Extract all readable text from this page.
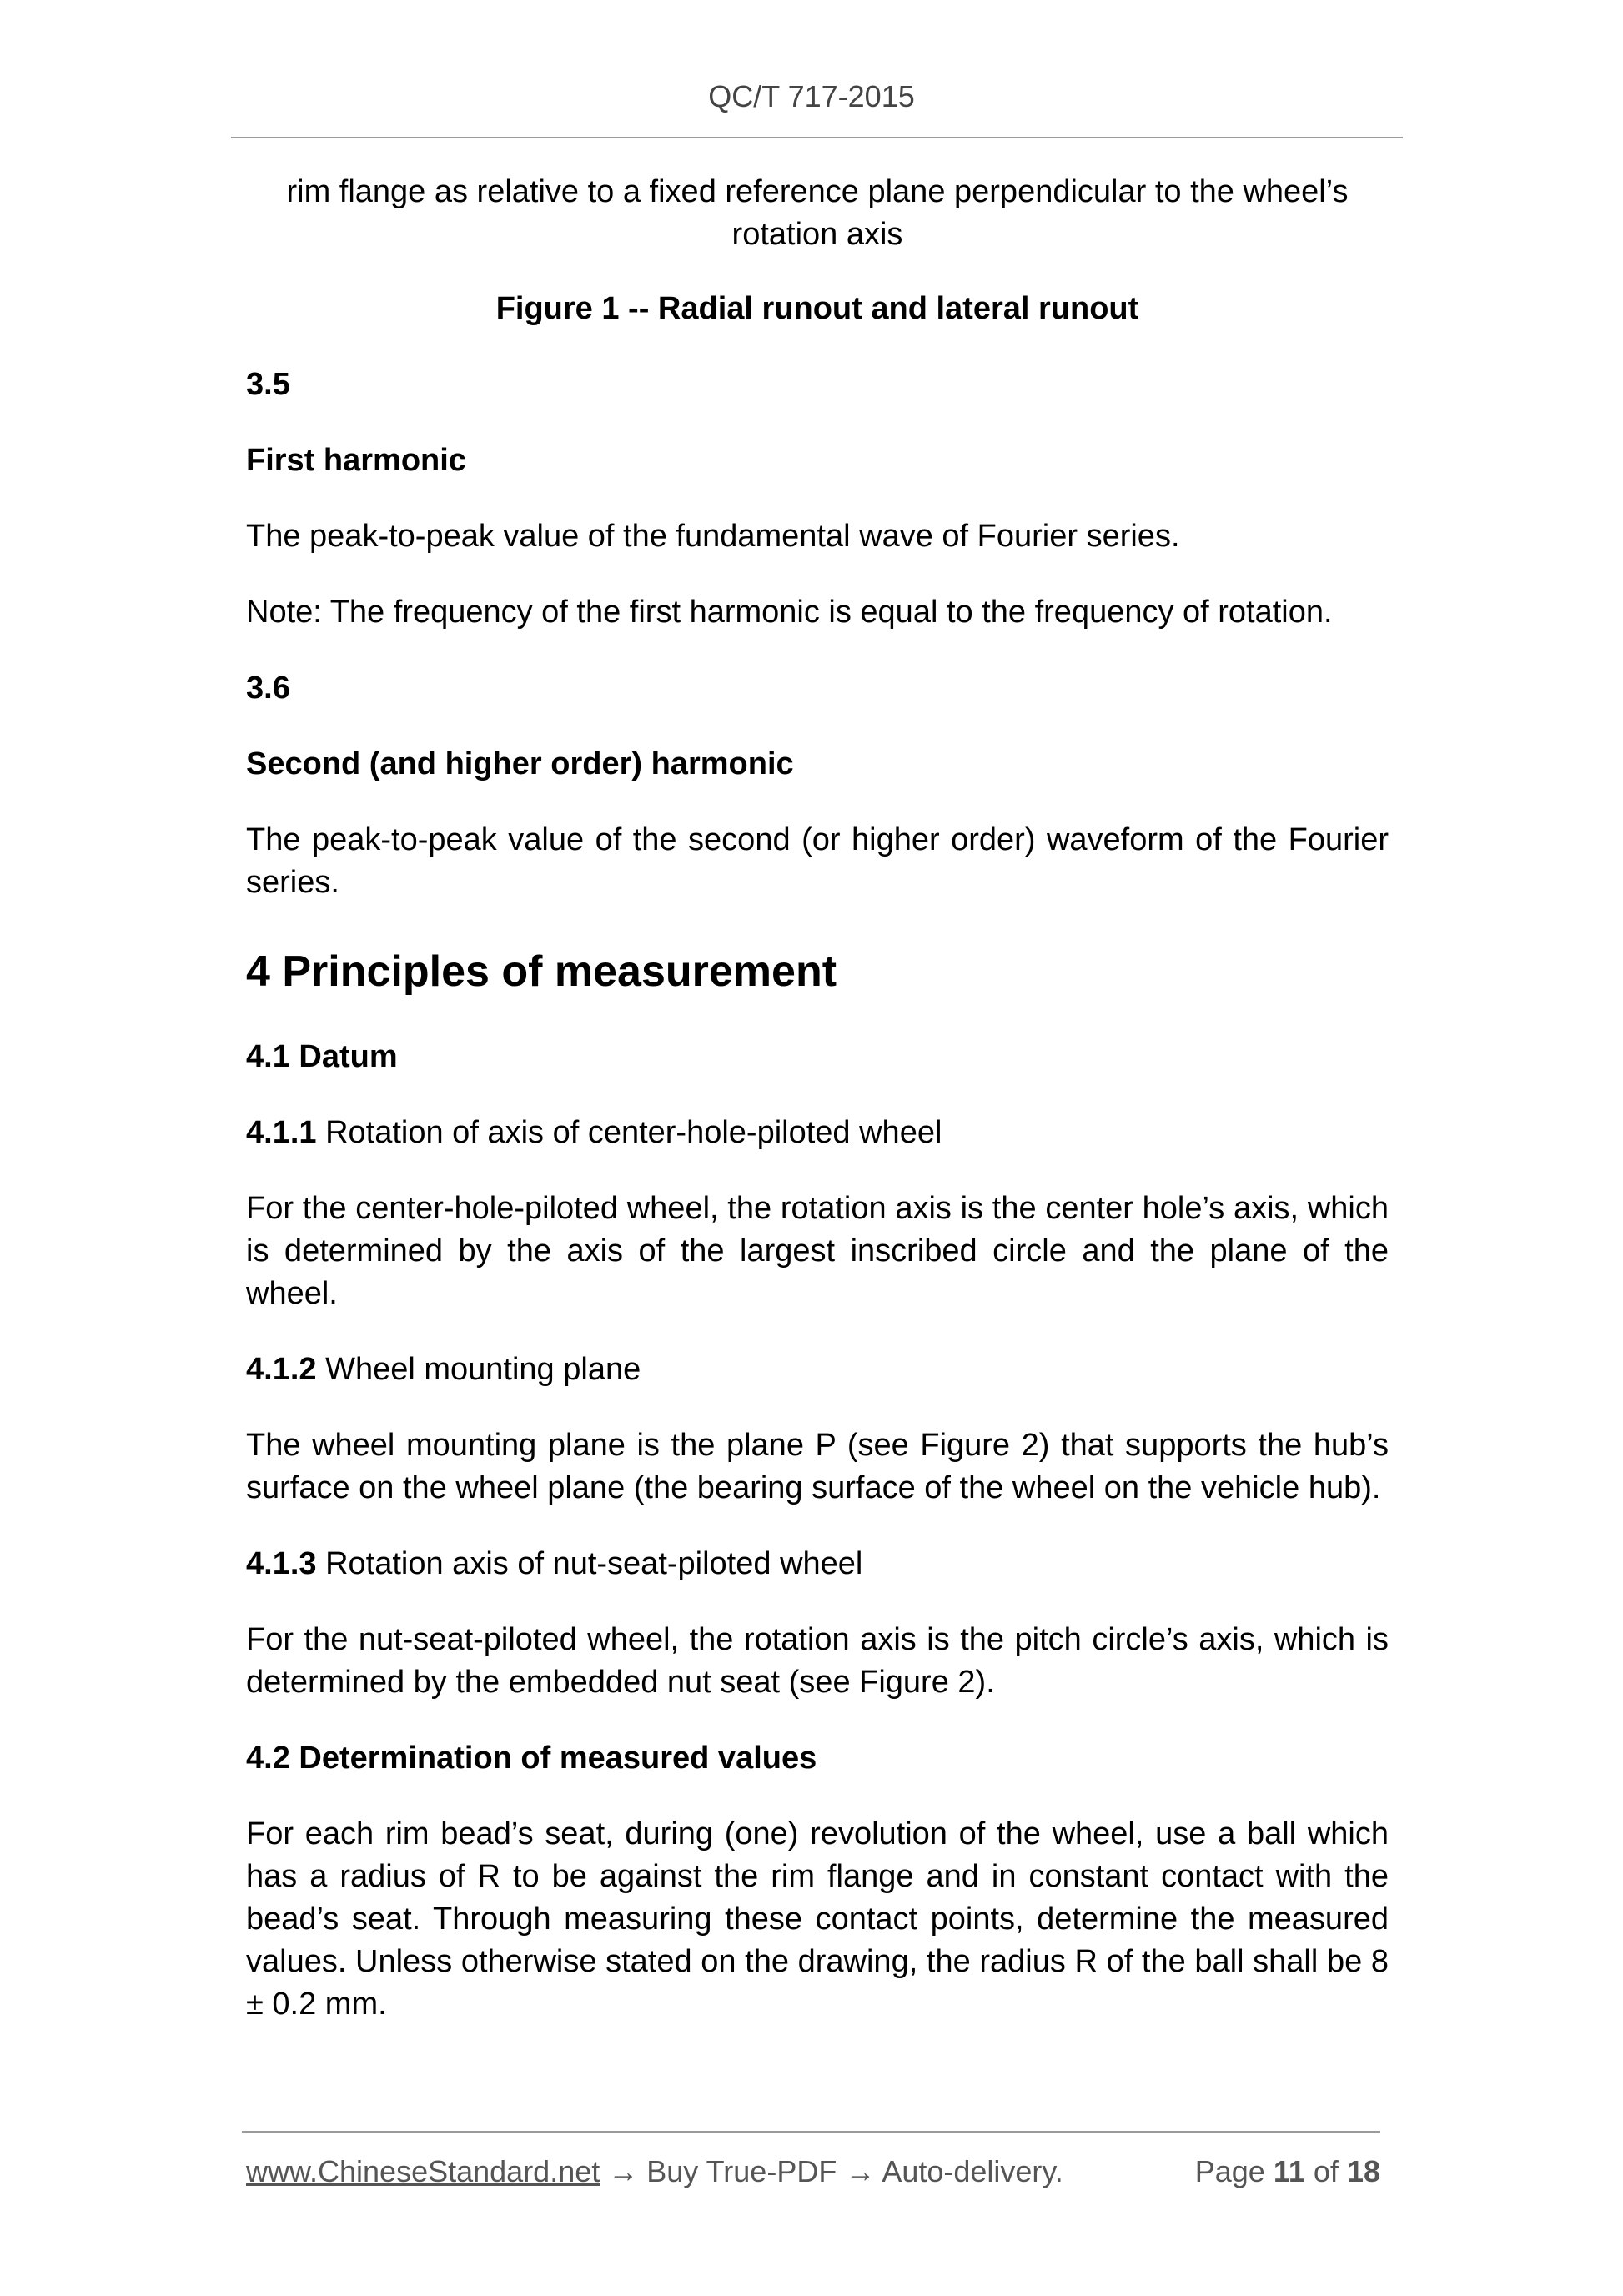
QC/T 717-2015

rim flange as relative to a fixed reference plane perpendicular to the wheel’s

rotation axis

Figure 1 -- Radial runout and lateral runout

3.5

First harmonic

The peak-to-peak value of the fundamental wave of Fourier series.

Note: The frequency of the first harmonic is equal to the frequency of rotation.

3.6

Second (and higher order) harmonic

The peak-to-peak value of the second (or higher order) waveform of the Fourier series.

4 Principles of measurement

4.1 Datum

4.1.1 Rotation of axis of center-hole-piloted wheel

For the center-hole-piloted wheel, the rotation axis is the center hole’s axis, which is determined by the axis of the largest inscribed circle and the plane of the wheel.

4.1.2 Wheel mounting plane

The wheel mounting plane is the plane P (see Figure 2) that supports the hub’s surface on the wheel plane (the bearing surface of the wheel on the vehicle hub).

4.1.3 Rotation axis of nut-seat-piloted wheel

For the nut-seat-piloted wheel, the rotation axis is the pitch circle’s axis, which is determined by the embedded nut seat (see Figure 2).

4.2 Determination of measured values

For each rim bead’s seat, during (one) revolution of the wheel, use a ball which has a radius of R to be against the rim flange and in constant contact with the bead’s seat. Through measuring these contact points, determine the measured values. Unless otherwise stated on the drawing, the radius R of the ball shall be 8 ± 0.2 mm.

www.ChineseStandard.net → Buy True-PDF → Auto-delivery.	Page 11 of 18
